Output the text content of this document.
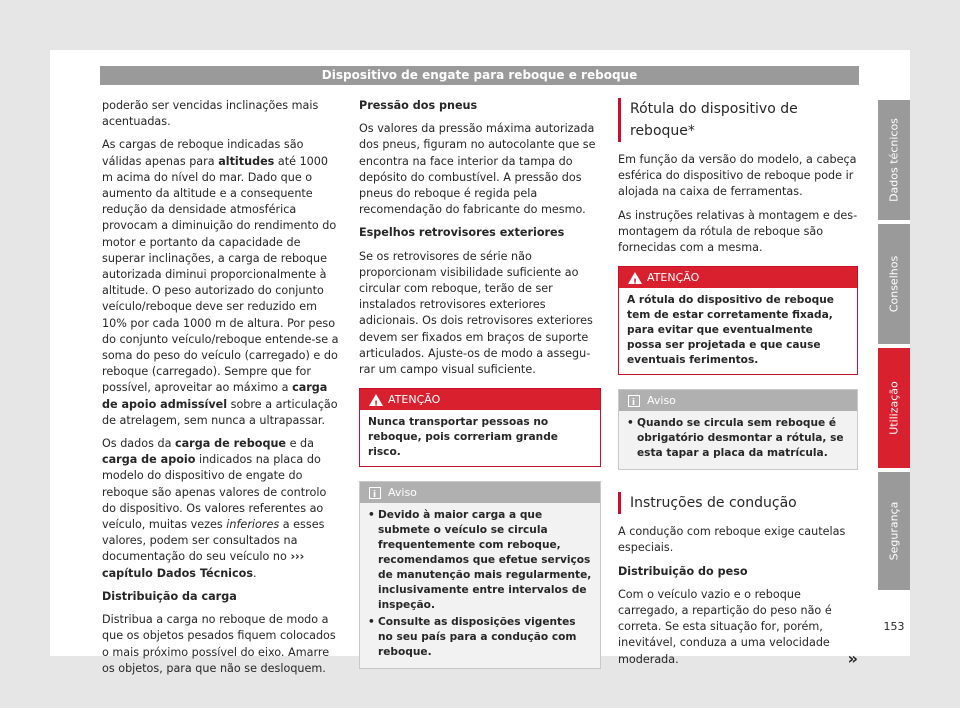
Dispositivo de engate para reboque e reboque

poderão ser vencidas inclinações mais acentuadas.

As cargas de reboque indicadas são válidas apenas para altitudes até 1000 m acima do nível do mar. Dado que o aumento da altitude e a consequente redução da densidade atmosférica provocam a diminuição do rendimento do motor e portanto da capacidade de superar inclinações, a carga de reboque autorizada diminui proporcionalmente à altitude. O peso autorizado do conjunto veículo/reboque deve ser reduzido em 10% por cada 1000 m de altura. Por peso do conjunto veículo/reboque entende-se a soma do peso do veículo (carregado) e do reboque (carregado). Sempre que for possível, aproveitar ao máximo a carga de apoio admissível sobre a articulação de atrelagem, sem nunca a ultrapassar.

Os dados da carga de reboque e da carga de apoio indicados na placa do modelo do dispositivo de engate do reboque são apenas valores de controlo do dispositivo. Os valores referentes ao veículo, muitas vezes inferiores a esses valores, podem ser consultados na documentação do seu veículo no ››› capítulo Dados Técnicos.

Distribuição da carga

Distribua a carga no reboque de modo a que os objetos pesados fiquem colocados o mais próximo possível do eixo. Amarre os objetos, para que não se desloquem.

Pressão dos pneus

Os valores da pressão máxima autorizada dos pneus, figuram no autocolante que se encontra na face interior da tampa do depósito do combustível. A pressão dos pneus do reboque é regida pela recomendação do fabricante do mesmo.

Espelhos retrovisores exteriores

Se os retrovisores de série não proporcionam visibilidade suficiente ao circular com reboque, terão de ser instalados retrovisores exteriores adicionais. Os dois retrovisores exteriores devem ser fixados em braços de suporte articulados. Ajuste-os de modo a assegurar um campo visual suficiente.

!
ATENÇÃO
Nunca transportar pessoas no reboque, pois correriam grande risco.
i
Aviso
• Devido à maior carga a que submete o veículo se circula frequentemente com reboque, recomendamos que efetue serviços de manutenção mais regularmente, inclusivamente entre intervalos de inspeção.
• Consulte as disposições vigentes no seu país para a condução com reboque.
Rótula do dispositivo de reboque*

Em função da versão do modelo, a cabeça esférica do dispositivo de reboque pode ir alojada na caixa de ferramentas.

As instruções relativas à montagem e desmontagem da rótula de reboque são fornecidas com a mesma.

!
ATENÇÃO
A rótula do dispositivo de reboque tem de estar corretamente fixada, para evitar que eventualmente possa ser projetada e que cause eventuais ferimentos.
i
Aviso
• Quando se circula sem reboque é obrigatório desmontar a rótula, se esta tapar a placa da matrícula.
Instruções de condução

A condução com reboque exige cautelas especiais.

Distribuição do peso

Com o veículo vazio e o reboque carregado, a repartição do peso não é correta. Se esta situação for, porém, inevitável, conduza a uma velocidade moderada.	»

Dados técnicos
Conselhos
Utilização
Segurança
153
